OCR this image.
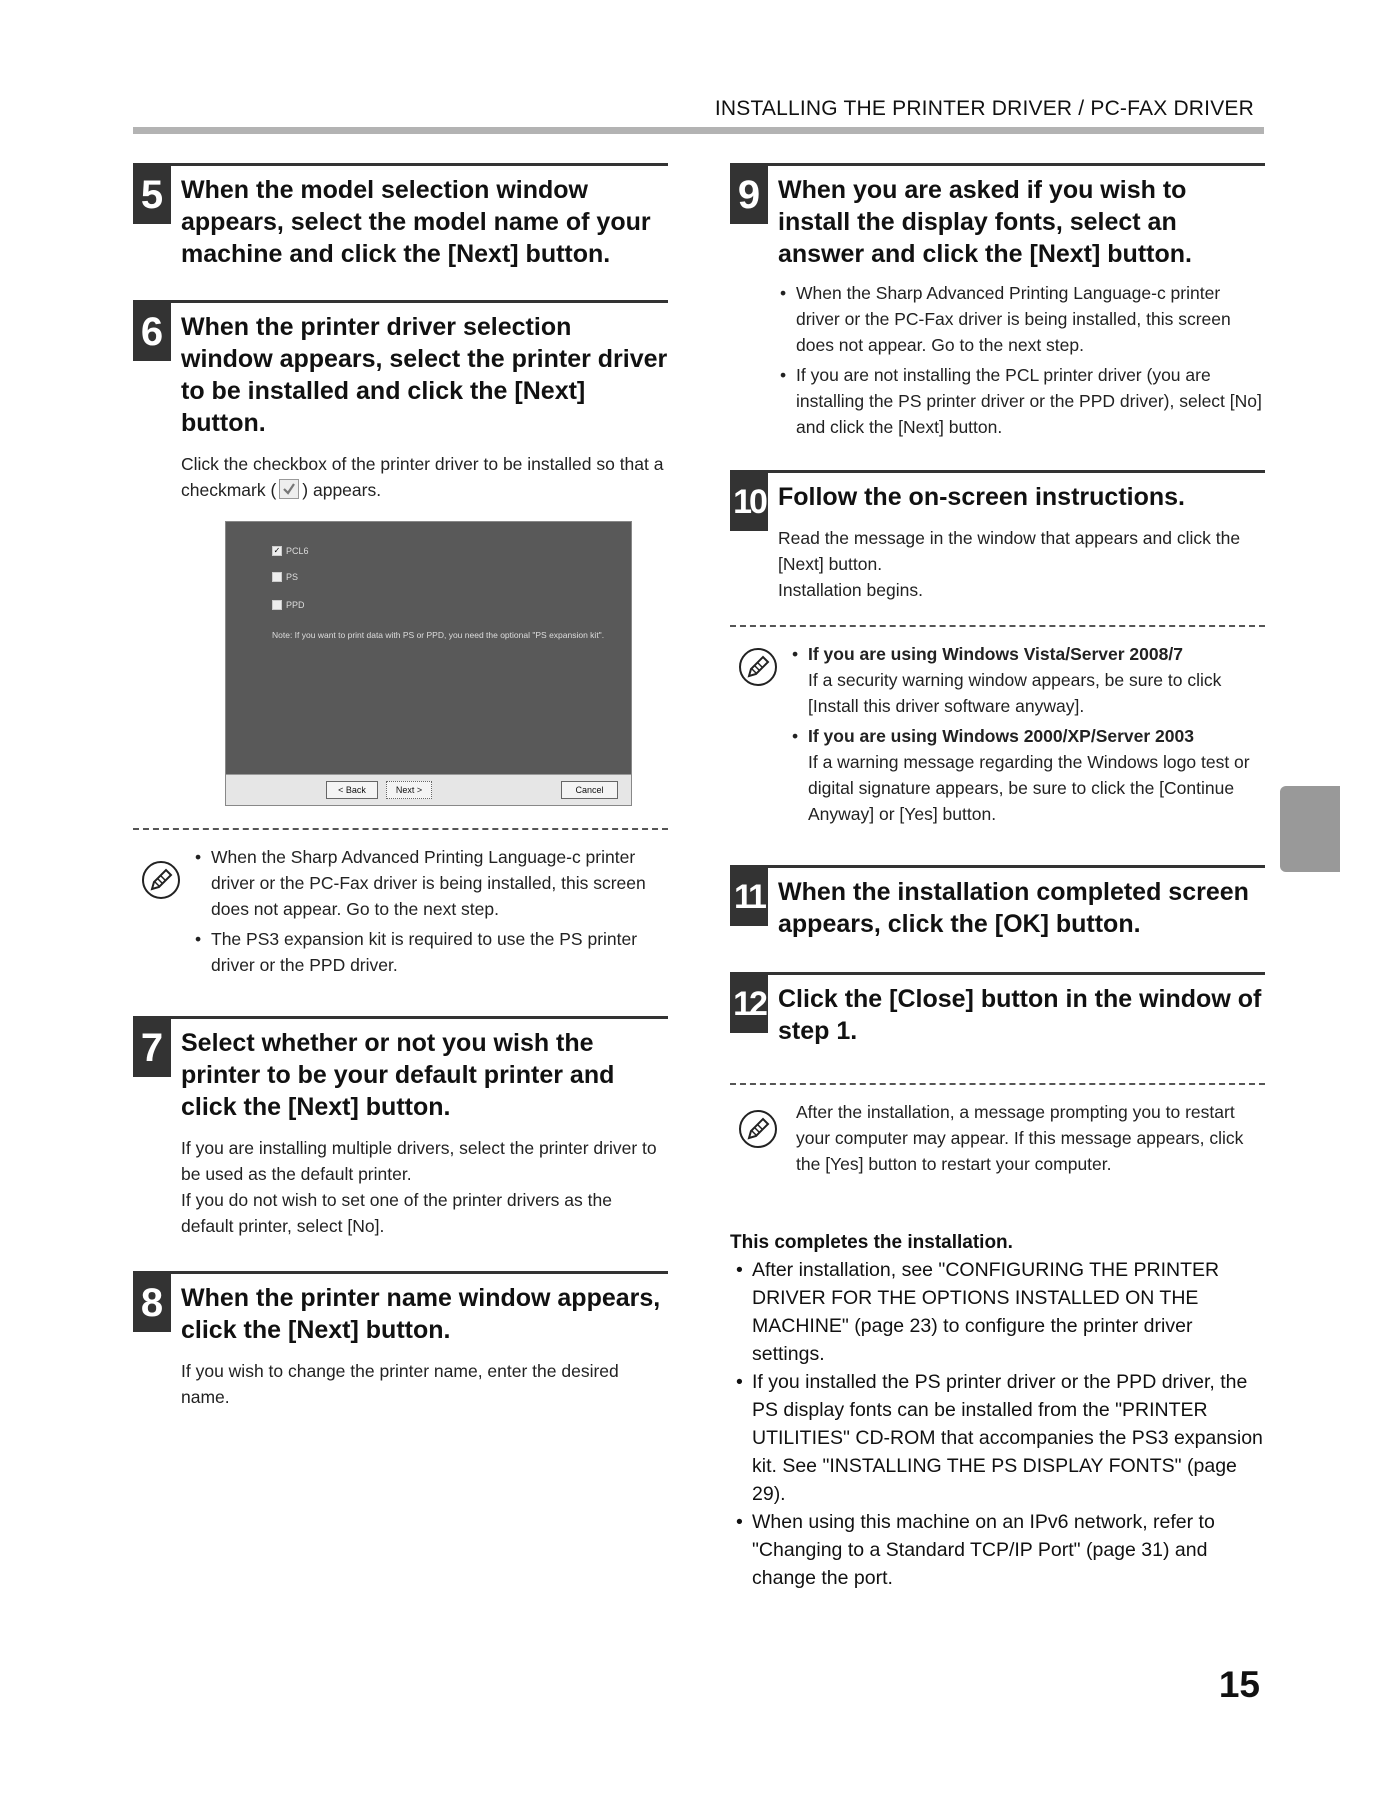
INSTALLING THE PRINTER DRIVER / PC-FAX DRIVER
5 When the model selection window appears, select the model name of your machine and click the [Next] button.
6 When the printer driver selection window appears, select the printer driver to be installed and click the [Next] button.
Click the checkbox of the printer driver to be installed so that a checkmark ( ) appears.
✓ PCL6
PS
PPD
Note: If you want to print data with PS or PPD, you need the optional "PS expansion kit".
< Back	Next >	Cancel
• When the Sharp Advanced Printing Language-c printer driver or the PC-Fax driver is being installed, this screen does not appear. Go to the next step.
• The PS3 expansion kit is required to use the PS printer driver or the PPD driver.
7 Select whether or not you wish the printer to be your default printer and click the [Next] button.

If you are installing multiple drivers, select the printer driver to be used as the default printer.

If you do not wish to set one of the printer drivers as the default printer, select [No].

8 When the printer name window appears, click the [Next] button.
If you wish to change the printer name, enter the desired name.
9 When you are asked if you wish to install the display fonts, select an answer and click the [Next] button.
• When the Sharp Advanced Printing Language-c printer driver or the PC-Fax driver is being installed, this screen does not appear. Go to the next step.
• If you are not installing the PCL printer driver (you are installing the PS printer driver or the PPD driver), select [No] and click the [Next] button.
10 Follow the on-screen instructions.

Read the message in the window that appears and click the [Next] button.

Installation begins.

• If you are using Windows Vista/Server 2008/7
If a security warning window appears, be sure to click [Install this driver software anyway].
• If you are using Windows 2000/XP/Server 2003
If a warning message regarding the Windows logo test or digital signature appears, be sure to click the [Continue Anyway] or [Yes] button.
11 When the installation completed screen appears, click the [OK] button.
12 Click the [Close] button in the window of step 1.
After the installation, a message prompting you to restart your computer may appear. If this message appears, click the [Yes] button to restart your computer.
This completes the installation.
• After installation, see "CONFIGURING THE PRINTER DRIVER FOR THE OPTIONS INSTALLED ON THE MACHINE" (page 23) to configure the printer driver settings.
• If you installed the PS printer driver or the PPD driver, the PS display fonts can be installed from the "PRINTER UTILITIES" CD-ROM that accompanies the PS3 expansion kit. See "INSTALLING THE PS DISPLAY FONTS" (page 29).
• When using this machine on an IPv6 network, refer to "Changing to a Standard TCP/IP Port" (page 31) and change the port.
15
